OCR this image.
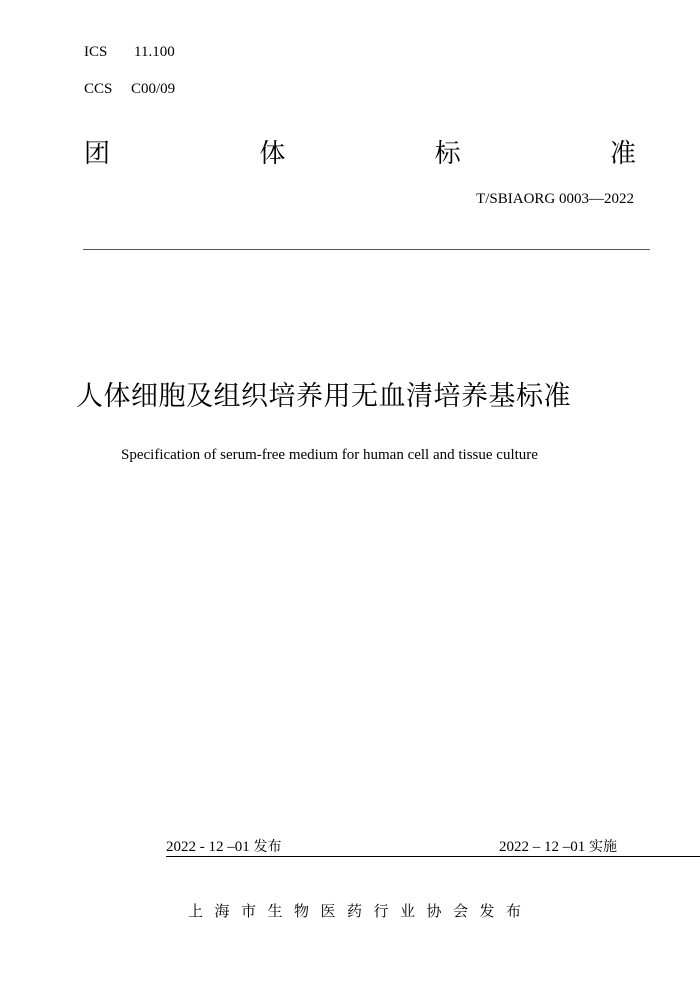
ICS 11.100
CCS C00/09
团	体	标	准
T/SBIAORG 0003—2022
人体细胞及组织培养用无血清培养基标准
Specification of serum-free medium for human cell and tissue culture
2022 - 12 –01 发布	2022 – 12 –01 实施
上海市生物医药行业协会发布
